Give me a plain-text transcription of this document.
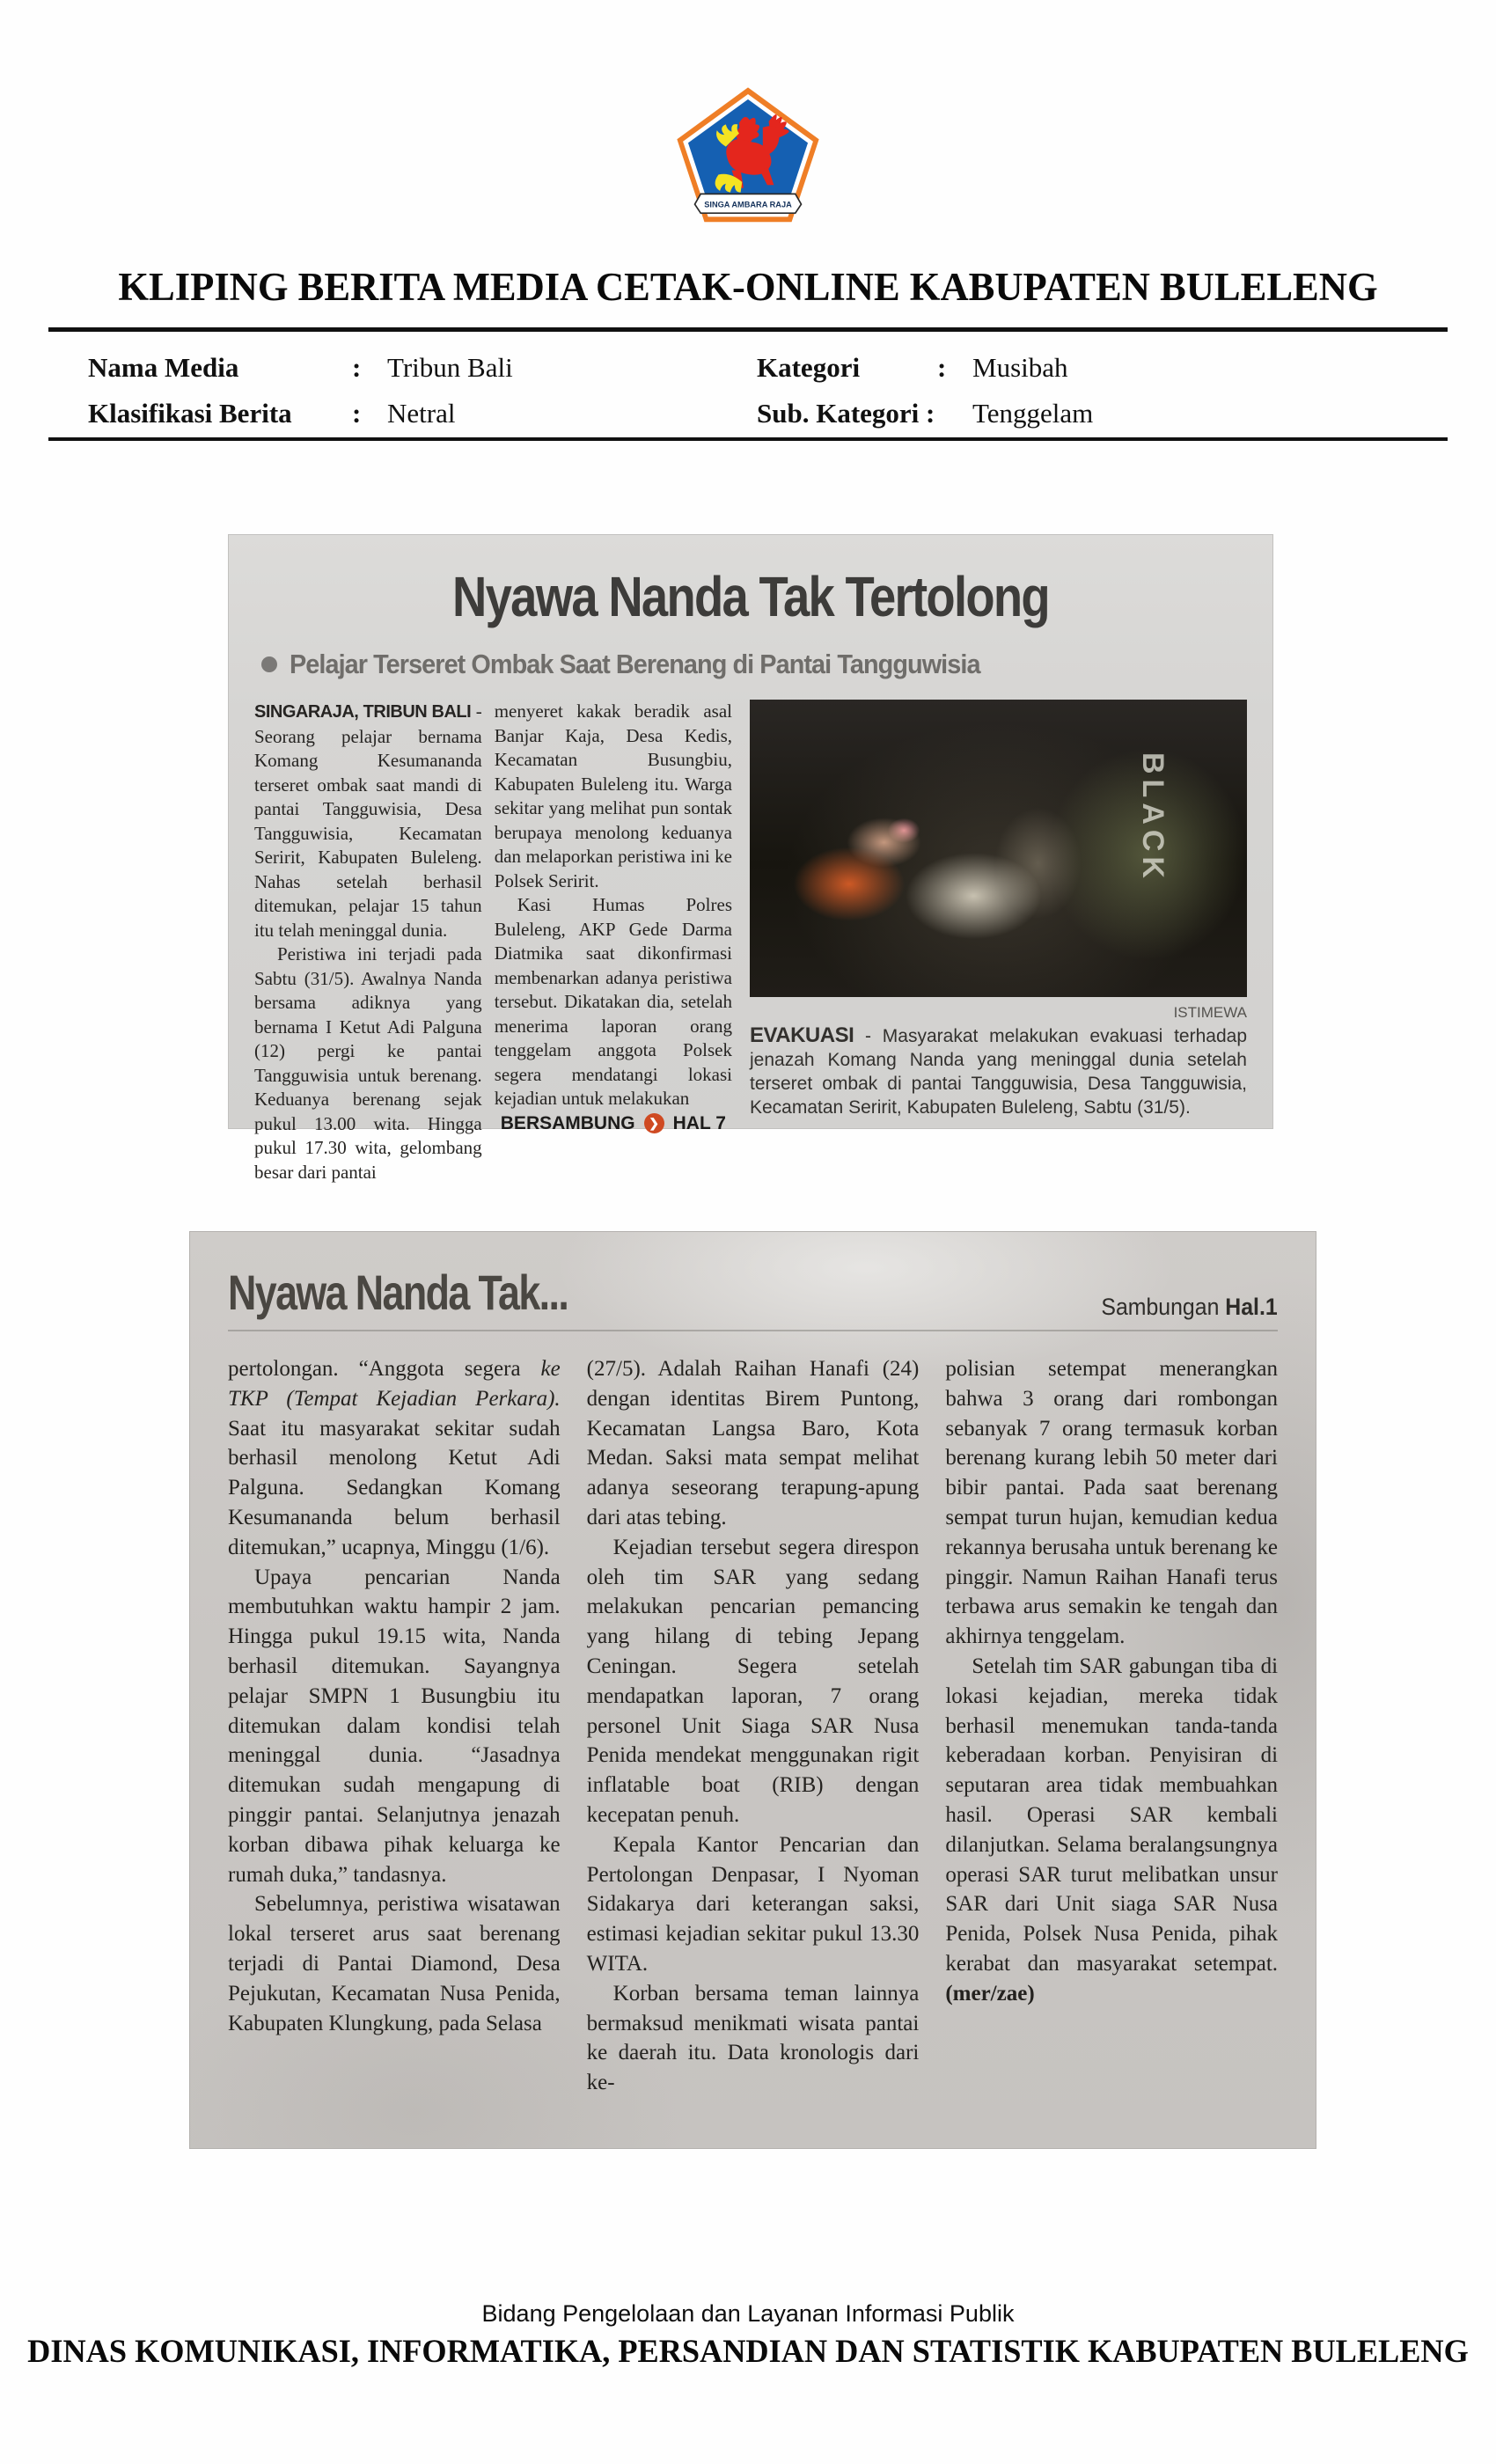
SINGA AMBARA RAJA
KLIPING BERITA MEDIA CETAK-ONLINE KABUPATEN BULELENG
Nama Media	: Tribun Bali	Kategori	: Musibah
Klasifikasi Berita	: Netral	Sub. Kategori :	Tenggelam
Nyawa Nanda Tak Tertolong
Pelajar Terseret Ombak Saat Berenang di Pantai Tangguwisia

SINGARAJA, TRIBUN BALI - Seorang pelajar bernama Komang Kesumananda terseret ombak saat mandi di pantai Tangguwisia, Desa Tangguwisia, Kecamatan Seririt, Kabupaten Buleleng. Nahas setelah berhasil ditemukan, pelajar 15 tahun itu telah meninggal dunia.

Peristiwa ini terjadi pada Sabtu (31/5). Awalnya Nanda bersama adiknya yang bernama I Ketut Adi Palguna (12) pergi ke pantai Tangguwisia untuk berenang. Keduanya berenang sejak pukul 13.00 wita. Hingga pukul 17.30 wita, gelombang besar dari pantai

menyeret kakak beradik asal Banjar Kaja, Desa Kedis, Kecamatan Busungbiu, Kabupaten Buleleng itu. Warga sekitar yang melihat pun sontak berupaya menolong keduanya dan melaporkan peristiwa ini ke Polsek Seririt.

Kasi Humas Polres Buleleng, AKP Gede Darma Diatmika saat dikonfirmasi membenarkan adanya peristiwa tersebut. Dikatakan dia, setelah menerima laporan orang tenggelam anggota Polsek segera mendatangi lokasi kejadian untuk melakukan

BERSAMBUNG	❯ HAL 7
BLACK
ISTIMEWA
EVAKUASI - Masyarakat melakukan evakuasi terhadap jenazah Komang Nanda yang meninggal dunia setelah terseret ombak di pantai Tangguwisia, Desa Tangguwisia, Kecamatan Seririt, Kabupaten Buleleng, Sabtu (31/5).
Nyawa Nanda Tak...	Sambungan Hal.1

pertolongan. “Anggota segera ke TKP (Tempat Kejadian Perkara). Saat itu masyarakat sekitar sudah berhasil menolong Ketut Adi Palguna. Sedangkan Komang Kesumananda belum berhasil ditemukan,” ucapnya, Minggu (1/6).

Upaya pencarian Nanda membutuhkan waktu hampir 2 jam. Hingga pukul 19.15 wita, Nanda berhasil ditemukan. Sayangnya pelajar SMPN 1 Busungbiu itu ditemukan dalam kondisi telah meninggal dunia. “Jasadnya ditemukan sudah mengapung di pinggir pantai. Selanjutnya jenazah korban dibawa pihak keluarga ke rumah duka,” tandasnya.

Sebelumnya, peristiwa wisatawan lokal terseret arus saat berenang terjadi di Pantai Diamond, Desa Pejukutan, Kecamatan Nusa Penida, Kabupaten Klungkung, pada Selasa

(27/5). Adalah Raihan Hanafi (24) dengan identitas Birem Puntong, Kecamatan Langsa Baro, Kota Medan. Saksi mata sempat melihat adanya seseorang terapung-apung dari atas tebing.

Kejadian tersebut segera direspon oleh tim SAR yang sedang melakukan pencarian pemancing yang hilang di tebing Jepang Ceningan. Segera setelah mendapatkan laporan, 7 orang personel Unit Siaga SAR Nusa Penida mendekat menggunakan rigit inflatable boat (RIB) dengan kecepatan penuh.

Kepala Kantor Pencarian dan Pertolongan Denpasar, I Nyoman Sidakarya dari keterangan saksi, estimasi kejadian sekitar pukul 13.30 WITA.

Korban bersama teman lainnya bermaksud menikmati wisata pantai ke daerah itu. Data kronologis dari ke-

polisian setempat menerangkan bahwa 3 orang dari rombongan sebanyak 7 orang termasuk korban berenang kurang lebih 50 meter dari bibir pantai. Pada saat berenang sempat turun hujan, kemudian kedua rekannya berusaha untuk berenang ke pinggir. Namun Raihan Hanafi terus terbawa arus semakin ke tengah dan akhirnya tenggelam.

Setelah tim SAR gabungan tiba di lokasi kejadian, mereka tidak berhasil menemukan tanda-tanda keberadaan korban. Penyisiran di seputaran area tidak membuahkan hasil. Operasi SAR kembali dilanjutkan. Selama beralangsungnya operasi SAR turut melibatkan unsur SAR dari Unit siaga SAR Nusa Penida, Polsek Nusa Penida, pihak kerabat dan masyarakat setempat. (mer/zae)

Bidang Pengelolaan dan Layanan Informasi Publik
DINAS KOMUNIKASI, INFORMATIKA, PERSANDIAN DAN STATISTIK KABUPATEN BULELENG
